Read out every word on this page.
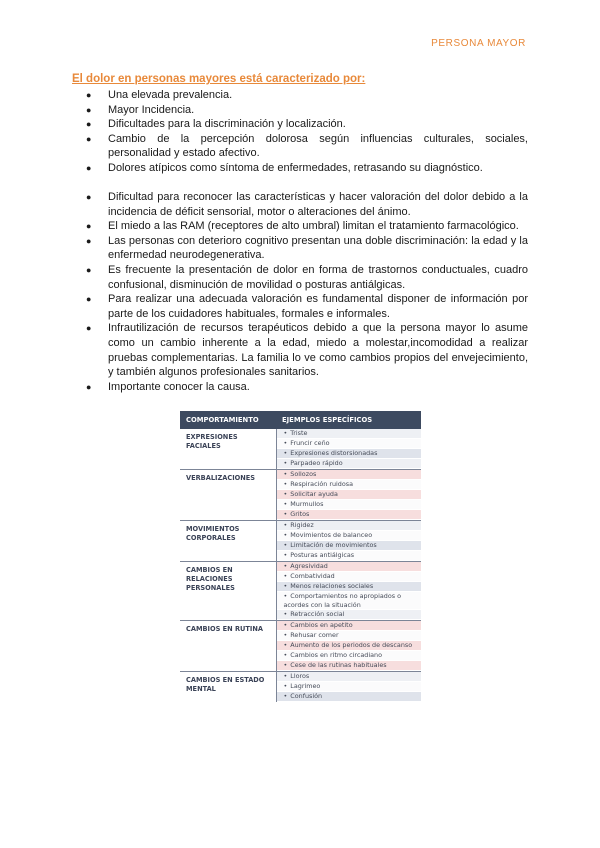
PERSONA MAYOR
El dolor en personas mayores está caracterizado por:
● Una elevada prevalencia.
● Mayor Incidencia.
● Dificultades para la discriminación y localización.
● Cambio de la percepción dolorosa según influencias culturales, sociales, personalidad y estado afectivo.
● Dolores atípicos como síntoma de enfermedades, retrasando su diagnóstico.
● Dificultad para reconocer las características y hacer valoración del dolor debido a la incidencia de déficit sensorial, motor o alteraciones del ánimo.
● El miedo a las RAM (receptores de alto umbral) limitan el tratamiento farmacológico.
● Las personas con deterioro cognitivo presentan una doble discriminación: la edad y la enfermedad neurodegenerativa.
● Es frecuente la presentación de dolor en forma de trastornos conductuales, cuadro confusional, disminución de movilidad o posturas antiálgicas.
● Para realizar una adecuada valoración es fundamental disponer de información por parte de los cuidadores habituales, formales e informales.
● Infrautilización de recursos terapéuticos debido a que la persona mayor lo asume como un cambio inherente a la edad, miedo a molestar,incomodidad a realizar pruebas complementarias. La familia lo ve como cambios propios del envejecimiento, y también algunos profesionales sanitarios.
● Importante conocer la causa.
COMPORTAMIENTO	EJEMPLOS ESPECÍFICOS
EXPRESIONES FACIALES	• Triste
• Fruncir ceño
• Expresiones distorsionadas
• Parpadeo rápido

VERBALIZACIONES	• Sollozos
• Respiración ruidosa
• Solicitar ayuda
• Murmullos
• Gritos

MOVIMIENTOS CORPORALES	• Rigidez
• Movimientos de balanceo
• Limitación de movimientos
• Posturas antiálgicas

CAMBIOS EN RELACIONES PERSONALES	• Agresividad
• Combatividad
• Menos relaciones sociales
• Comportamientos no apropiados o acordes con la situación
• Retracción social

CAMBIOS EN RUTINA	• Cambios en apetito
• Rehusar comer
• Aumento de los periodos de descanso
• Cambios en ritmo circadiano
• Cese de las rutinas habituales

CAMBIOS EN ESTADO MENTAL	• Lloros
• Lagrimeo
• Confusión
